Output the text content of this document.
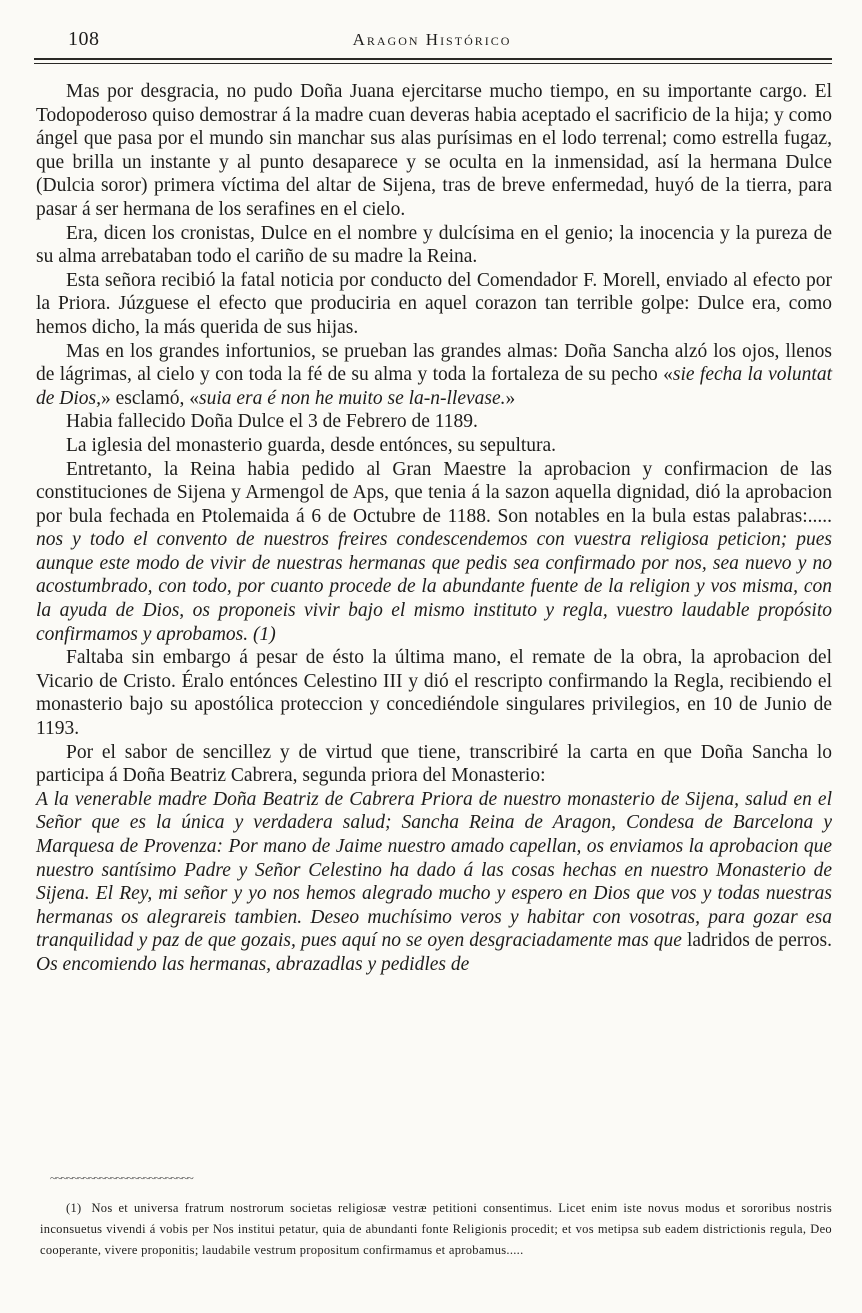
108	Aragon Histórico

Mas por desgracia, no pudo Doña Juana ejercitarse mucho tiempo, en su importante cargo. El Todopoderoso quiso demostrar á la madre cuan deveras habia aceptado el sacrificio de la hija; y como ángel que pasa por el mundo sin manchar sus alas purísimas en el lodo terrenal; como estrella fugaz, que brilla un instante y al punto desaparece y se oculta en la inmensidad, así la hermana Dulce (Dulcia soror) primera víctima del altar de Sijena, tras de breve enfermedad, huyó de la tierra, para pasar á ser hermana de los serafines en el cielo.

Era, dicen los cronistas, Dulce en el nombre y dulcísima en el genio; la inocencia y la pureza de su alma arrebataban todo el cariño de su madre la Reina.

Esta señora recibió la fatal noticia por conducto del Comendador F. Morell, enviado al efecto por la Priora. Júzguese el efecto que produciria en aquel corazon tan terrible golpe: Dulce era, como hemos dicho, la más querida de sus hijas.

Mas en los grandes infortunios, se prueban las grandes almas: Doña Sancha alzó los ojos, llenos de lágrimas, al cielo y con toda la fé de su alma y toda la fortaleza de su pecho «sie fecha la voluntat de Dios,» esclamó, «suia era é non he muito se la-n-llevase.»

Habia fallecido Doña Dulce el 3 de Febrero de 1189.

La iglesia del monasterio guarda, desde entónces, su sepultura.

Entretanto, la Reina habia pedido al Gran Maestre la aprobacion y confirmacion de las constituciones de Sijena y Armengol de Aps, que tenia á la sazon aquella dignidad, dió la aprobacion por bula fechada en Ptolemaida á 6 de Octubre de 1188. Son notables en la bula estas palabras:..... nos y todo el convento de nuestros freires condescendemos con vuestra religiosa peticion; pues aunque este modo de vivir de nuestras hermanas que pedis sea confirmado por nos, sea nuevo y no acostumbrado, con todo, por cuanto procede de la abundante fuente de la religion y vos misma, con la ayuda de Dios, os proponeis vivir bajo el mismo instituto y regla, vuestro laudable propósito confirmamos y aprobamos. (1)

Faltaba sin embargo á pesar de ésto la última mano, el remate de la obra, la aprobacion del Vicario de Cristo. Éralo entónces Celestino III y dió el rescripto confirmando la Regla, recibiendo el monasterio bajo su apostólica proteccion y concediéndole singulares privilegios, en 10 de Junio de 1193.

Por el sabor de sencillez y de virtud que tiene, transcribiré la carta en que Doña Sancha lo participa á Doña Beatriz Cabrera, segunda priora del Monasterio:

A la venerable madre Doña Beatriz de Cabrera Priora de nuestro monasterio de Sijena, salud en el Señor que es la única y verdadera salud; Sancha Reina de Aragon, Condesa de Barcelona y Marquesa de Provenza: Por mano de Jaime nuestro amado capellan, os enviamos la aprobacion que nuestro santísimo Padre y Señor Celestino ha dado á las cosas hechas en nuestro Monasterio de Sijena. El Rey, mi señor y yo nos hemos alegrado mucho y espero en Dios que vos y todas nuestras hermanas os alegrareis tambien. Deseo muchísimo veros y habitar con vosotras, para gozar esa tranquilidad y paz de que gozais, pues aquí no se oyen desgraciadamente mas que ladridos de perros. Os encomiendo las hermanas, abrazadlas y pedidles de

~~~~~~~~~~~~~~~~~~~~~~~~~~
(1) Nos et universa fratrum nostrorum societas religiosæ vestræ petitioni consentimus. Licet enim iste novus modus et sororibus nostris inconsuetus vivendi á vobis per Nos institui petatur, quia de abundanti fonte Religionis procedit; et vos metipsa sub eadem districtionis regula, Deo cooperante, vivere proponitis; laudabile vestrum propositum confirmamus et aprobamus.....
